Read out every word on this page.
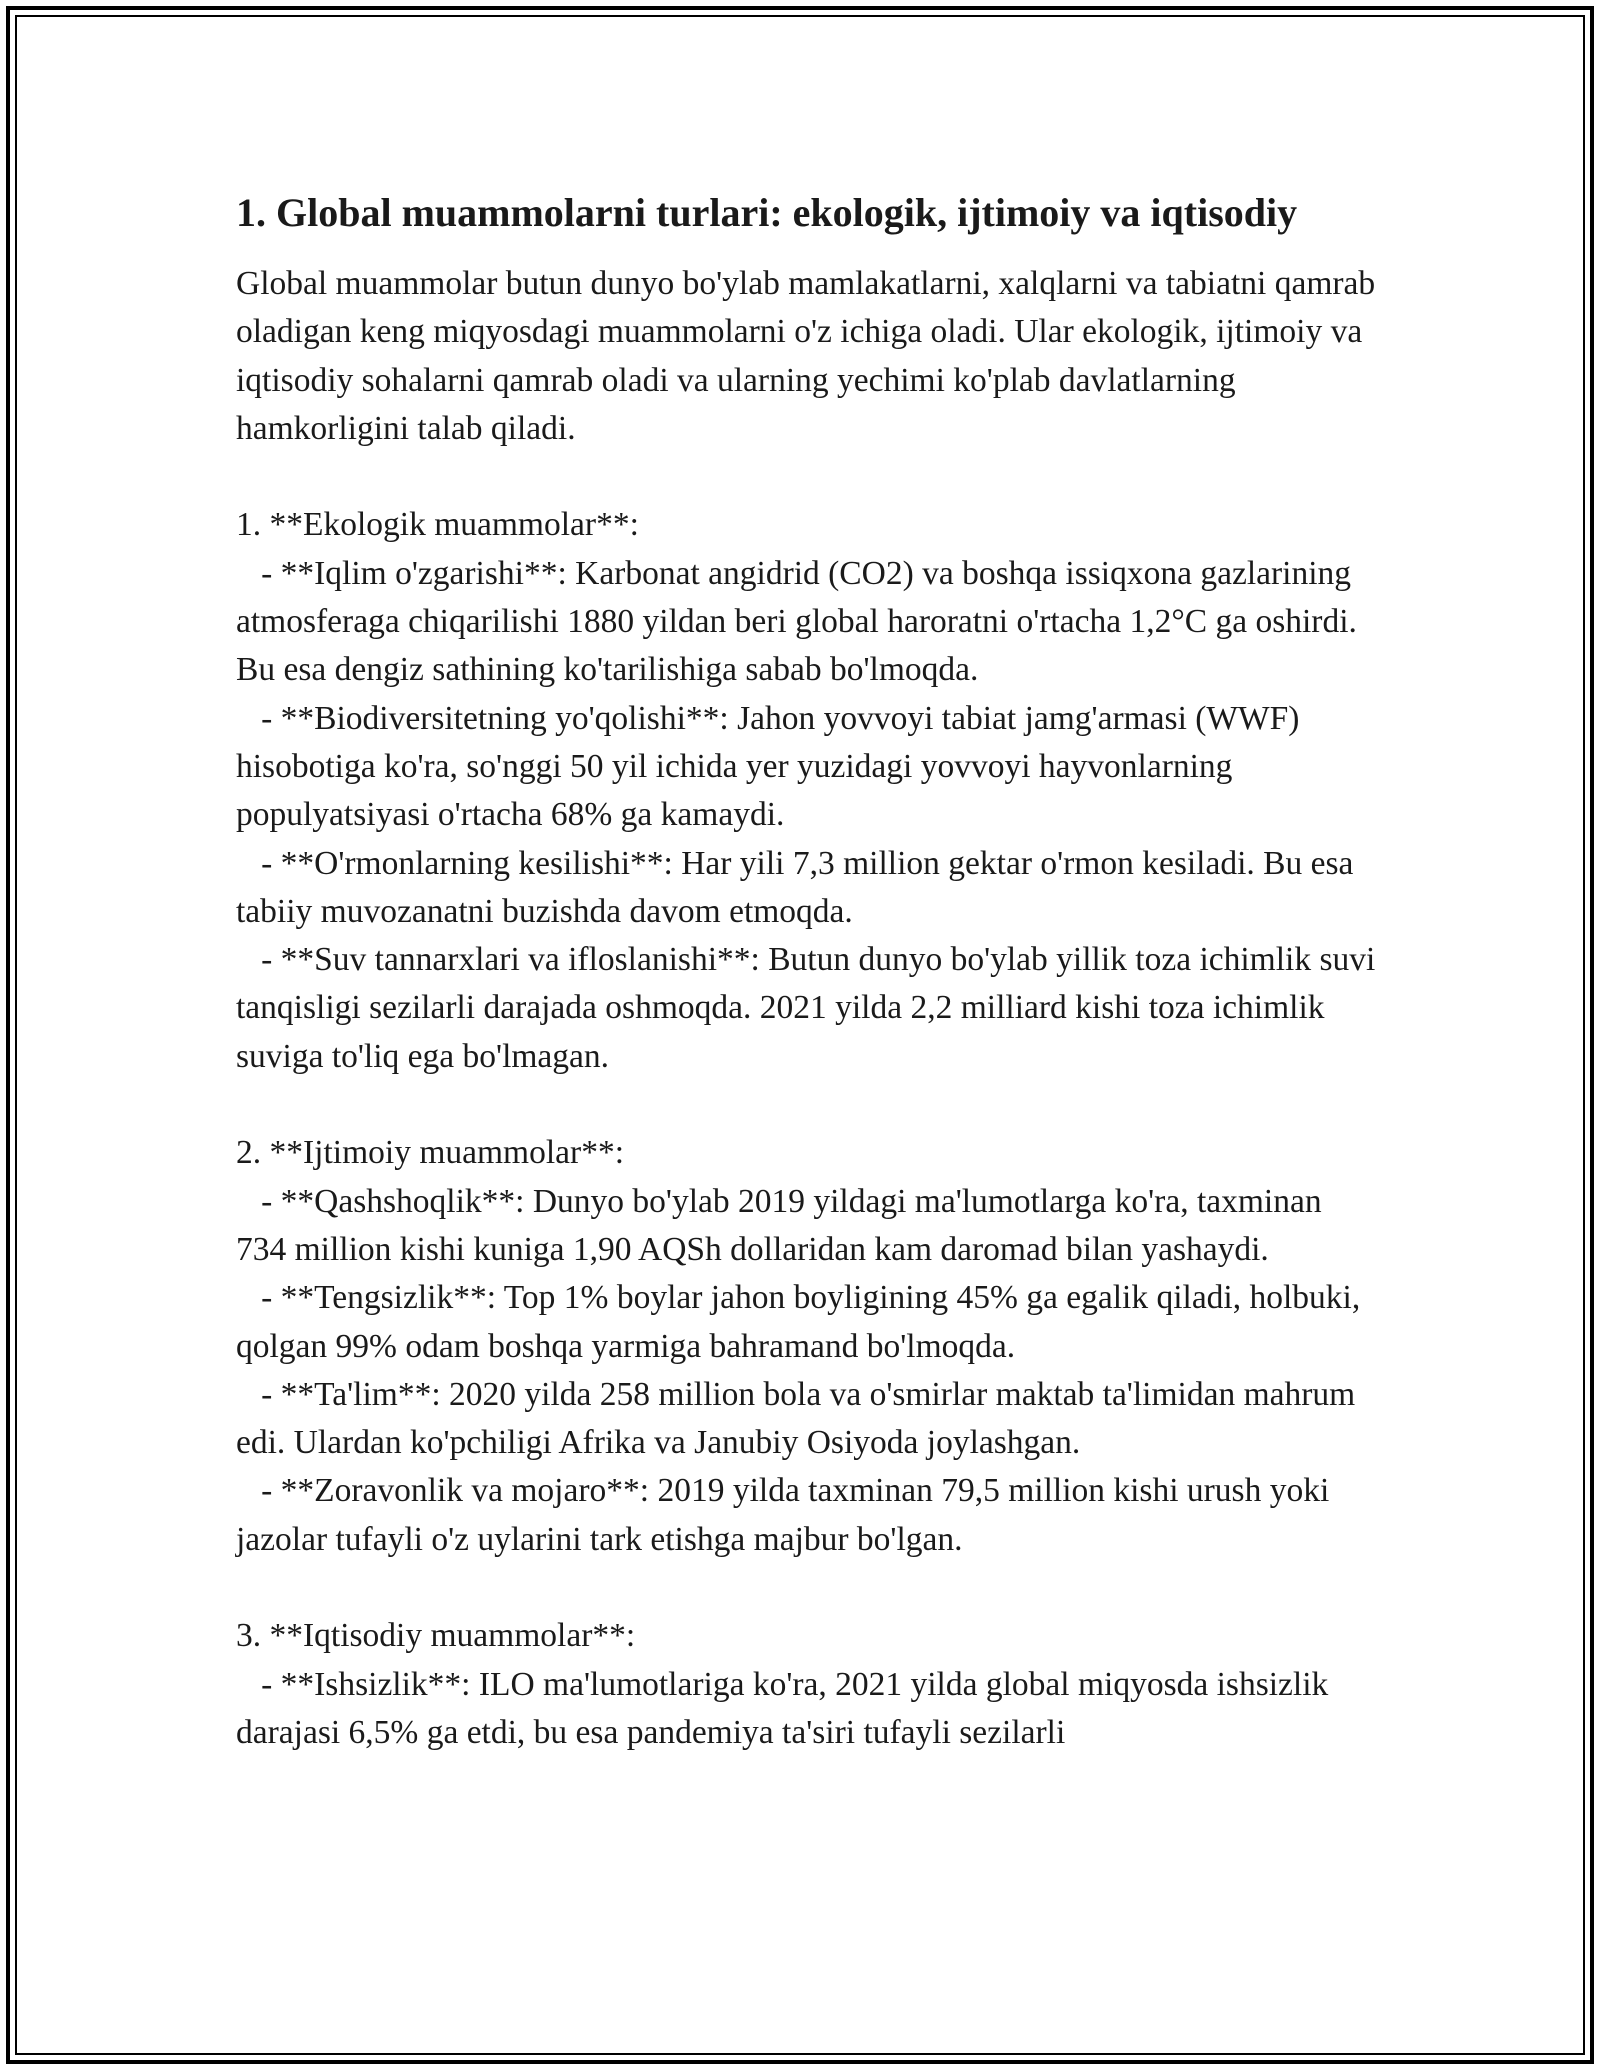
1. Global muammolarni turlari: ekologik, ijtimoiy va iqtisodiy

Global muammolar butun dunyo bo'ylab mamlakatlarni, xalqlarni va tabiatni qamrab oladigan keng miqyosdagi muammolarni o'z ichiga oladi. Ular ekologik, ijtimoiy va iqtisodiy sohalarni qamrab oladi va ularning yechimi ko'plab davlatlarning hamkorligini talab qiladi.

1. **Ekologik muammolar**:

- **Iqlim o'zgarishi**: Karbonat angidrid (CO2) va boshqa issiqxona gazlarining atmosferaga chiqarilishi 1880 yildan beri global haroratni o'rtacha 1,2°C ga oshirdi. Bu esa dengiz sathining ko'tarilishiga sabab bo'lmoqda.

- **Biodiversitetning yo'qolishi**: Jahon yovvoyi tabiat jamg'armasi (WWF) hisobotiga ko'ra, so'nggi 50 yil ichida yer yuzidagi yovvoyi hayvonlarning populyatsiyasi o'rtacha 68% ga kamaydi.

- **O'rmonlarning kesilishi**: Har yili 7,3 million gektar o'rmon kesiladi. Bu esa tabiiy muvozanatni buzishda davom etmoqda.

- **Suv tannarxlari va ifloslanishi**: Butun dunyo bo'ylab yillik toza ichimlik suvi tanqisligi sezilarli darajada oshmoqda. 2021 yilda 2,2 milliard kishi toza ichimlik suviga to'liq ega bo'lmagan.

2. **Ijtimoiy muammolar**:

- **Qashshoqlik**: Dunyo bo'ylab 2019 yildagi ma'lumotlarga ko'ra, taxminan 734 million kishi kuniga 1,90 AQSh dollaridan kam daromad bilan yashaydi.

- **Tengsizlik**: Top 1% boylar jahon boyligining 45% ga egalik qiladi, holbuki, qolgan 99% odam boshqa yarmiga bahramand bo'lmoqda.

- **Ta'lim**: 2020 yilda 258 million bola va o'smirlar maktab ta'limidan mahrum edi. Ulardan ko'pchiligi Afrika va Janubiy Osiyoda joylashgan.

- **Zoravonlik va mojaro**: 2019 yilda taxminan 79,5 million kishi urush yoki jazolar tufayli o'z uylarini tark etishga majbur bo'lgan.

3. **Iqtisodiy muammolar**:

- **Ishsizlik**: ILO ma'lumotlariga ko'ra, 2021 yilda global miqyosda ishsizlik darajasi 6,5% ga etdi, bu esa pandemiya ta'siri tufayli sezilarli
